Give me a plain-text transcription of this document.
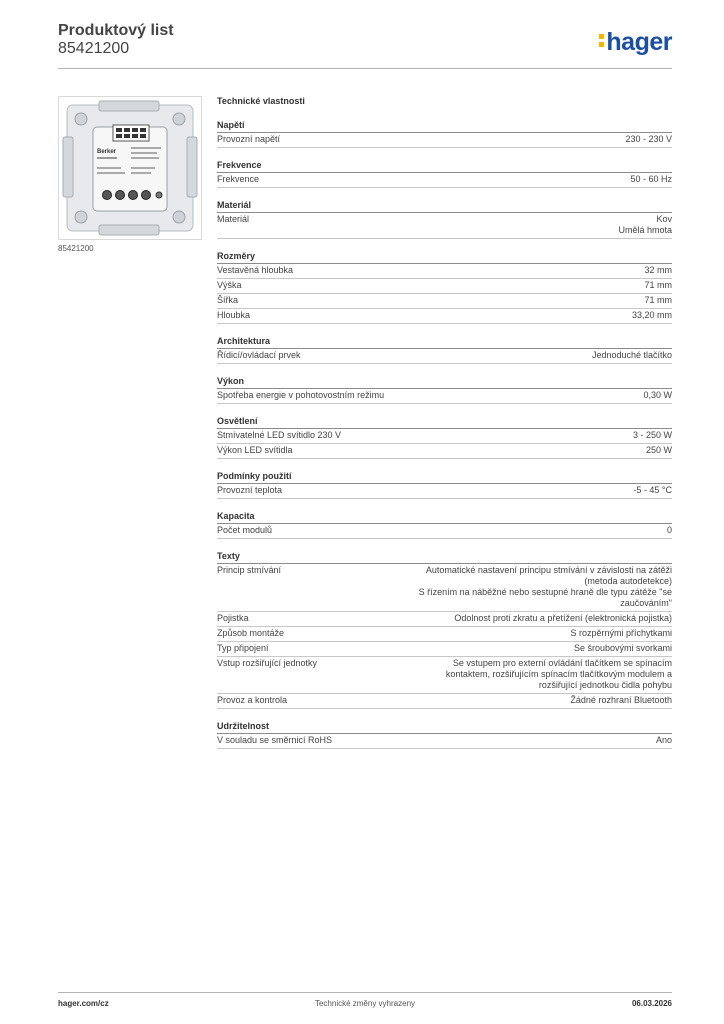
Produktový list
85421200	hager
Berker
85421200
Technické vlastnosti
Napětí
Provozní napětí	230 - 230 V
Frekvence
Frekvence	50 - 60 Hz
Materiál
Materiál	Kov
Umělá hmota
Rozměry
Vestavěná hloubka	32 mm
Výška	71 mm
Šířka	71 mm
Hloubka	33,20 mm
Architektura
Řídicí/ovládací prvek	Jednoduché tlačítko
Výkon
Spotřeba energie v pohotovostním režimu	0,30 W
Osvětlení
Stmívatelné LED svítidlo 230 V	3 - 250 W
Výkon LED svítidla	250 W
Podmínky použití
Provozní teplota	-5 - 45 °C
Kapacita
Počet modulů	0
Texty
Princip stmívání	Automatické nastavení principu stmívání v závislosti na zátěži
(metoda autodetekce)
S řízením na náběžné nebo sestupné hraně dle typu zátěže "se
zaučováním"
Pojistka	Odolnost proti zkratu a přetížení (elektronická pojistka)
Způsob montáže	S rozpěrnými příchytkami
Typ připojení	Se šroubovými svorkami
Vstup rozšiřující jednotky	Se vstupem pro externí ovládání tlačítkem se spínacím
kontaktem, rozšiřujícím spínacím tlačítkovým modulem a
rozšiřující jednotkou čidla pohybu
Provoz a kontrola	Žádné rozhraní Bluetooth
Udržitelnost
V souladu se směrnicí RoHS	Ano
hager.com/cz	Technické změny vyhrazeny	06.03.2026
